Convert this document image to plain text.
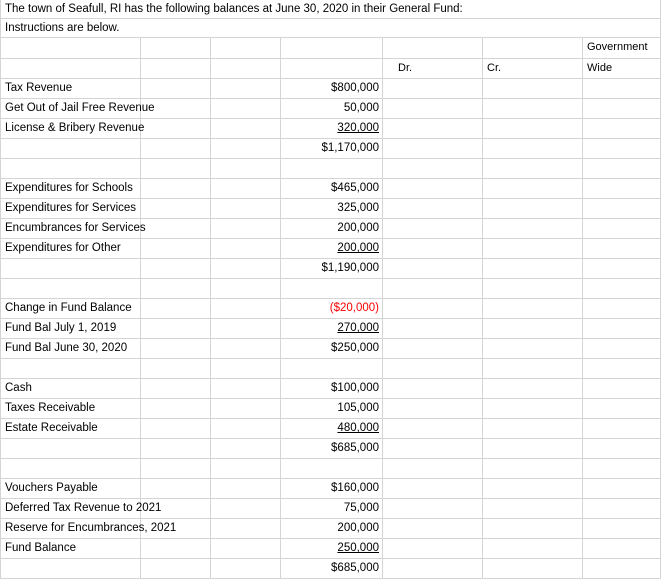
The town of Seafull, RI has the following balances at June 30, 2020 in their General Fund:
Instructions are below.
Dr.	Cr.
Government
Wide
Tax Revenue	$800,000
Get Out of Jail Free Revenue	50,000
License & Bribery Revenue	320,000
$1,170,000
Expenditures for Schools	$465,000
Expenditures for Services	325,000
Encumbrances for Services	200,000
Expenditures for Other	200,000
$1,190,000
Change in Fund Balance	($20,000)
Fund Bal July 1, 2019	270,000
Fund Bal June 30, 2020	$250,000
Cash	$100,000
Taxes Receivable	105,000
Estate Receivable	480,000
$685,000
Vouchers Payable	$160,000
Deferred Tax Revenue to 2021	75,000
Reserve for Encumbrances, 2021	200,000
Fund Balance	250,000
$685,000
